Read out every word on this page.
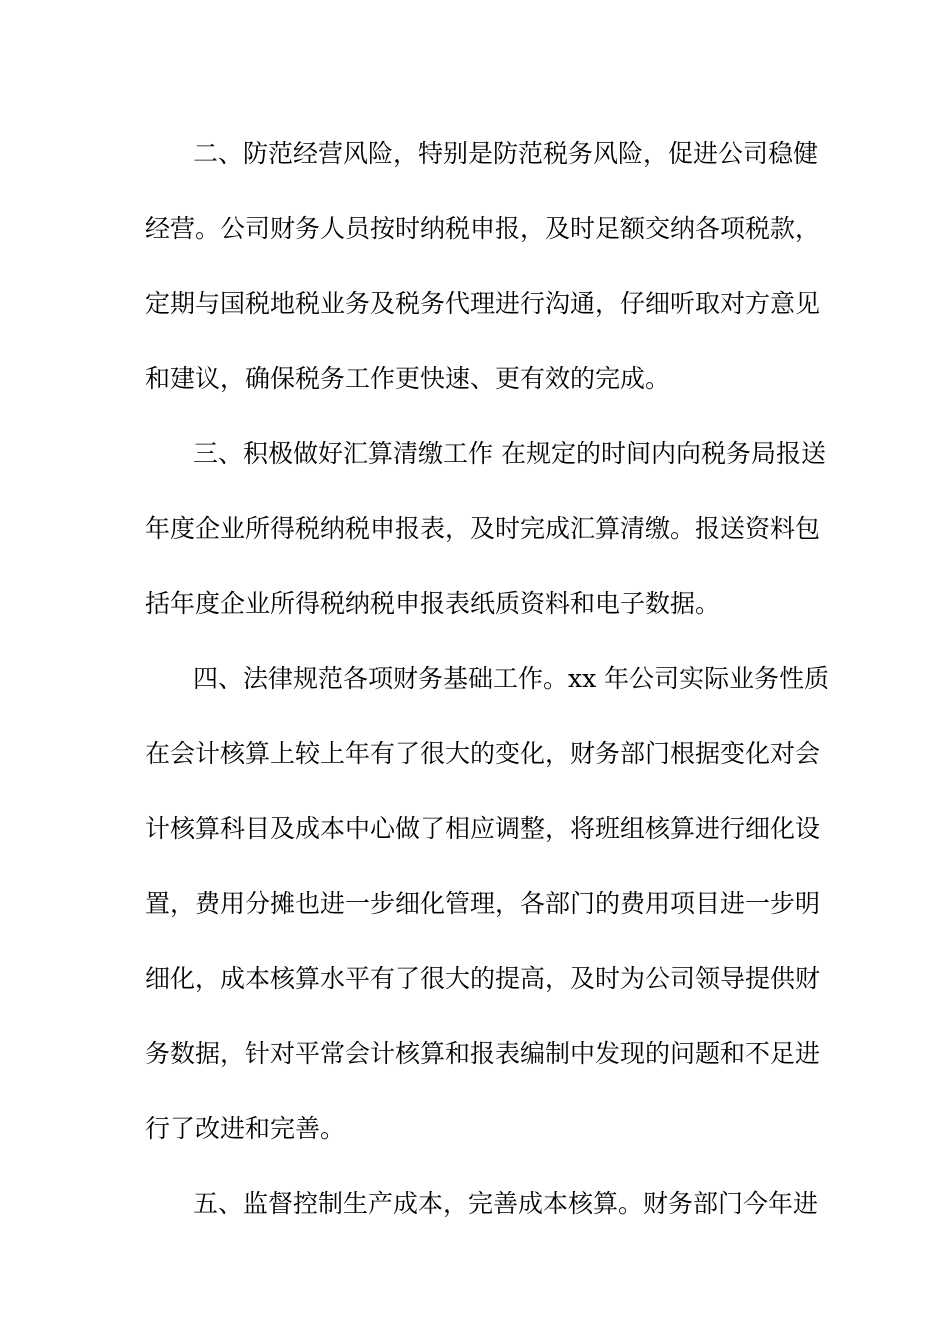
二、防范经营风险，特别是防范税务风险，促进公司稳健

经营。公司财务人员按时纳税申报，及时足额交纳各项税款，

定期与国税地税业务及税务代理进行沟通，仔细听取对方意见

和建议，确保税务工作更快速、更有效的完成。

三、积极做好汇算清缴工作 在规定的时间内向税务局报送

年度企业所得税纳税申报表，及时完成汇算清缴。报送资料包

括年度企业所得税纳税申报表纸质资料和电子数据。

四、法律规范各项财务基础工作。xx 年公司实际业务性质

在会计核算上较上年有了很大的变化，财务部门根据变化对会

计核算科目及成本中心做了相应调整，将班组核算进行细化设

置，费用分摊也进一步细化管理，各部门的费用项目进一步明

细化，成本核算水平有了很大的提高，及时为公司领导提供财

务数据，针对平常会计核算和报表编制中发现的问题和不足进

行了改进和完善。

五、监督控制生产成本，完善成本核算。财务部门今年进
